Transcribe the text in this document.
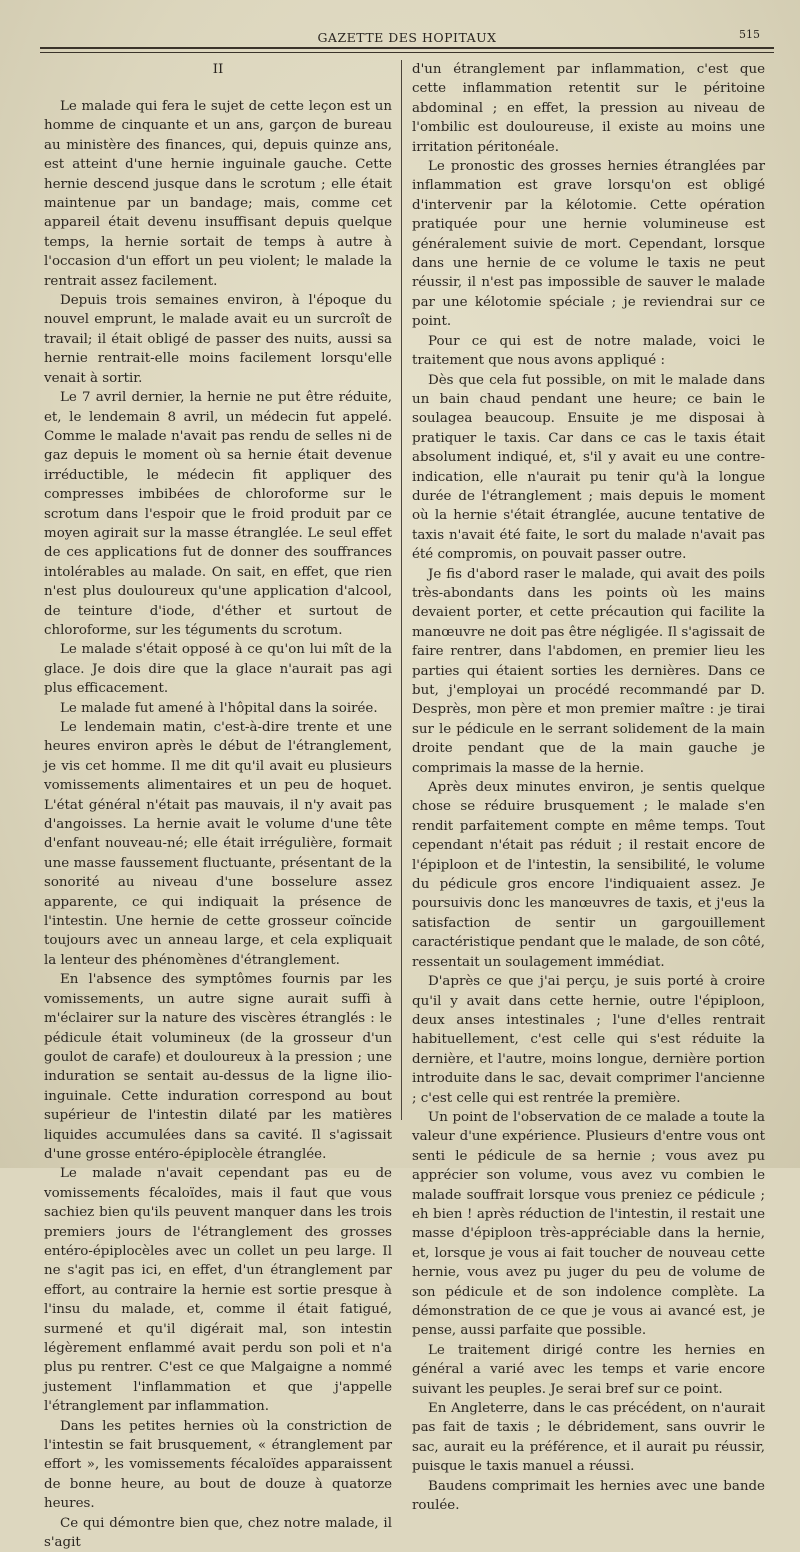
GAZETTE DES HOPITAUX	515
II

Le malade qui fera le sujet de cette leçon est un homme de cinquante et un ans, garçon de bureau au ministère des finances, qui, depuis quinze ans, est atteint d'une hernie inguinale gauche. Cette hernie descend jusque dans le scrotum ; elle était maintenue par un bandage; mais, comme cet appareil était devenu insuffisant depuis quelque temps, la hernie sortait de temps à autre à l'occasion d'un effort un peu violent; le malade la rentrait assez facilement.

Depuis trois semaines environ, à l'époque du nouvel emprunt, le malade avait eu un surcroît de travail; il était obligé de passer des nuits, aussi sa hernie rentrait-elle moins facilement lorsqu'elle venait à sortir.

Le 7 avril dernier, la hernie ne put être réduite, et, le lendemain 8 avril, un médecin fut appelé. Comme le malade n'avait pas rendu de selles ni de gaz depuis le moment où sa hernie était devenue irréductible, le médecin fit appliquer des compresses imbibées de chloroforme sur le scrotum dans l'espoir que le froid produit par ce moyen agirait sur la masse étranglée. Le seul effet de ces applications fut de donner des souffrances intolérables au malade. On sait, en effet, que rien n'est plus douloureux qu'une application d'alcool, de teinture d'iode, d'éther et surtout de chloroforme, sur les téguments du scrotum.

Le malade s'était opposé à ce qu'on lui mît de la glace. Je dois dire que la glace n'aurait pas agi plus efficacement.

Le malade fut amené à l'hôpital dans la soirée.

Le lendemain matin, c'est-à-dire trente et une heures environ après le début de l'étranglement, je vis cet homme. Il me dit qu'il avait eu plusieurs vomissements alimentaires et un peu de hoquet. L'état général n'était pas mauvais, il n'y avait pas d'angoisses. La hernie avait le volume d'une tête d'enfant nouveau-né; elle était irrégulière, formait une masse faussement fluctuante, présentant de la sonorité au niveau d'une bosselure assez apparente, ce qui indiquait la présence de l'intestin. Une hernie de cette grosseur coïncide toujours avec un anneau large, et cela expliquait la lenteur des phénomènes d'étranglement.

En l'absence des symptômes fournis par les vomissements, un autre signe aurait suffi à m'éclairer sur la nature des viscères étranglés : le pédicule était volumineux (de la grosseur d'un goulot de carafe) et douloureux à la pression ; une induration se sentait au-dessus de la ligne ilio-inguinale. Cette induration correspond au bout supérieur de l'intestin dilaté par les matières liquides accumulées dans sa cavité. Il s'agissait d'une grosse entéro-épiplocèle étranglée.

Le malade n'avait cependant pas eu de vomissements fécaloïdes, mais il faut que vous sachiez bien qu'ils peuvent manquer dans les trois premiers jours de l'étranglement des grosses entéro-épiplocèles avec un collet un peu large. Il ne s'agit pas ici, en effet, d'un étranglement par effort, au contraire la hernie est sortie presque à l'insu du malade, et, comme il était fatigué, surmené et qu'il digérait mal, son intestin légèrement enflammé avait perdu son poli et n'a plus pu rentrer. C'est ce que Malgaigne a nommé justement l'inflammation et que j'appelle l'étranglement par inflammation.

Dans les petites hernies où la constriction de l'intestin se fait brusquement, « étranglement par effort », les vomissements fécaloïdes apparaissent de bonne heure, au bout de douze à quatorze heures.

Ce qui démontre bien que, chez notre malade, il s'agit

d'un étranglement par inflammation, c'est que cette inflammation retentit sur le péritoine abdominal ; en effet, la pression au niveau de l'ombilic est douloureuse, il existe au moins une irritation péritonéale.

Le pronostic des grosses hernies étranglées par inflammation est grave lorsqu'on est obligé d'intervenir par la kélotomie. Cette opération pratiquée pour une hernie volumineuse est généralement suivie de mort. Cependant, lorsque dans une hernie de ce volume le taxis ne peut réussir, il n'est pas impossible de sauver le malade par une kélotomie spéciale ; je reviendrai sur ce point.

Pour ce qui est de notre malade, voici le traitement que nous avons appliqué :

Dès que cela fut possible, on mit le malade dans un bain chaud pendant une heure; ce bain le soulagea beaucoup. Ensuite je me disposai à pratiquer le taxis. Car dans ce cas le taxis était absolument indiqué, et, s'il y avait eu une contre-indication, elle n'aurait pu tenir qu'à la longue durée de l'étranglement ; mais depuis le moment où la hernie s'était étranglée, aucune tentative de taxis n'avait été faite, le sort du malade n'avait pas été compromis, on pouvait passer outre.

Je fis d'abord raser le malade, qui avait des poils très-abondants dans les points où les mains devaient porter, et cette précaution qui facilite la manœuvre ne doit pas être négligée. Il s'agissait de faire rentrer, dans l'abdomen, en premier lieu les parties qui étaient sorties les dernières. Dans ce but, j'employai un procédé recommandé par D. Desprès, mon père et mon premier maître : je tirai sur le pédicule en le serrant solidement de la main droite pendant que de la main gauche je comprimais la masse de la hernie.

Après deux minutes environ, je sentis quelque chose se réduire brusquement ; le malade s'en rendit parfaitement compte en même temps. Tout cependant n'était pas réduit ; il restait encore de l'épiploon et de l'intestin, la sensibilité, le volume du pédicule gros encore l'indiquaient assez. Je poursuivis donc les manœuvres de taxis, et j'eus la satisfaction de sentir un gargouillement caractéristique pendant que le malade, de son côté, ressentait un soulagement immédiat.

D'après ce que j'ai perçu, je suis porté à croire qu'il y avait dans cette hernie, outre l'épiploon, deux anses intestinales ; l'une d'elles rentrait habituellement, c'est celle qui s'est réduite la dernière, et l'autre, moins longue, dernière portion introduite dans le sac, devait comprimer l'ancienne ; c'est celle qui est rentrée la première.

Un point de l'observation de ce malade a toute la valeur d'une expérience. Plusieurs d'entre vous ont senti le pédicule de sa hernie ; vous avez pu apprécier son volume, vous avez vu combien le malade souffrait lorsque vous preniez ce pédicule ; eh bien ! après réduction de l'intestin, il restait une masse d'épiploon très-appréciable dans la hernie, et, lorsque je vous ai fait toucher de nouveau cette hernie, vous avez pu juger du peu de volume de son pédicule et de son indolence complète. La démonstration de ce que je vous ai avancé est, je pense, aussi parfaite que possible.

Le traitement dirigé contre les hernies en général a varié avec les temps et varie encore suivant les peuples. Je serai bref sur ce point.

En Angleterre, dans le cas précédent, on n'aurait pas fait de taxis ; le débridement, sans ouvrir le sac, aurait eu la préférence, et il aurait pu réussir, puisque le taxis manuel a réussi.

Baudens comprimait les hernies avec une bande roulée.
